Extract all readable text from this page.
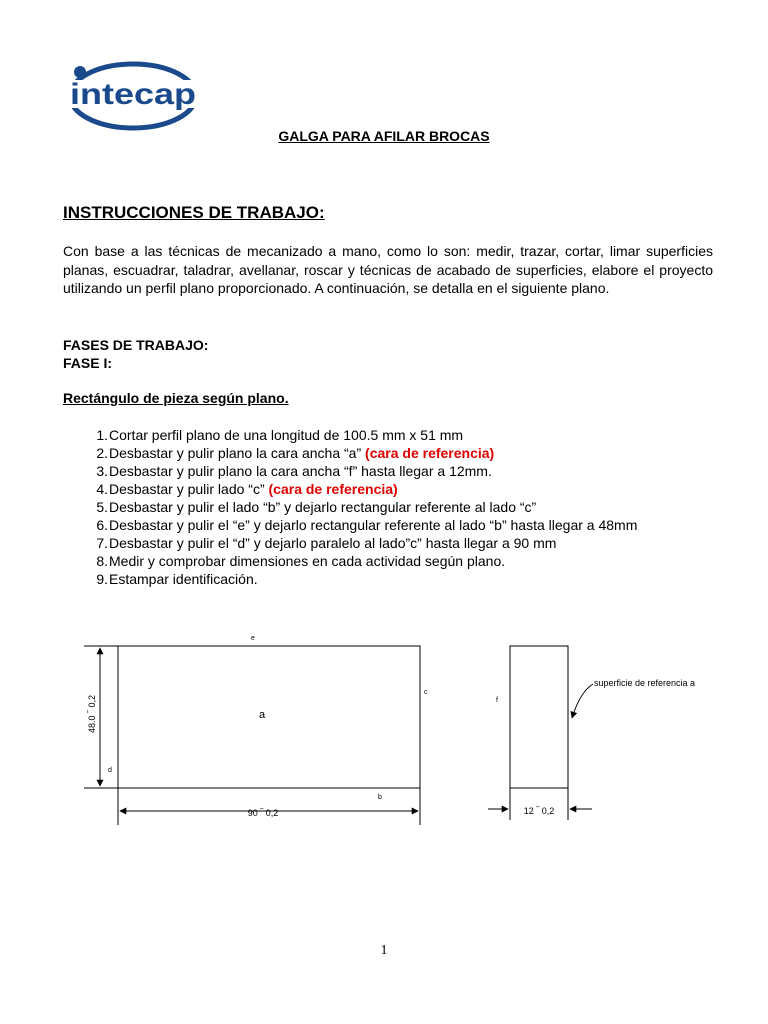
intecap
GALGA PARA AFILAR BROCAS
INSTRUCCIONES DE TRABAJO:
Con base a las técnicas de mecanizado a mano, como lo son: medir, trazar, cortar, limar superficies planas, escuadrar, taladrar, avellanar, roscar y técnicas de acabado de superficies, elabore el proyecto utilizando un perfil plano proporcionado. A continuación, se detalla en el siguiente plano.
FASES DE TRABAJO:
FASE I:
Rectángulo de pieza según plano.
1.Cortar perfil plano de una longitud de 100.5 mm x 51 mm
2.Desbastar y pulir plano la cara ancha “a” (cara de referencia)
3.Desbastar y pulir plano la cara ancha “f” hasta llegar a 12mm.
4.Desbastar y pulir lado “c” (cara de referencia)
5.Desbastar y pulir el lado “b” y dejarlo rectangular referente al lado “c”
6.Desbastar y pulir el “e” y dejarlo rectangular referente al lado “b” hasta llegar a 48mm
7.Desbastar y pulir el “d” y dejarlo paralelo al lado”c” hasta llegar a 90 mm
8.Medir y comprobar dimensiones en cada actividad según plano.
9.Estampar identificación.
e
a
c
d
b
48.0 ‾ 0,2
90 ‾ 0,2
f
superficie de referencia a
12 ‾ 0,2
1
